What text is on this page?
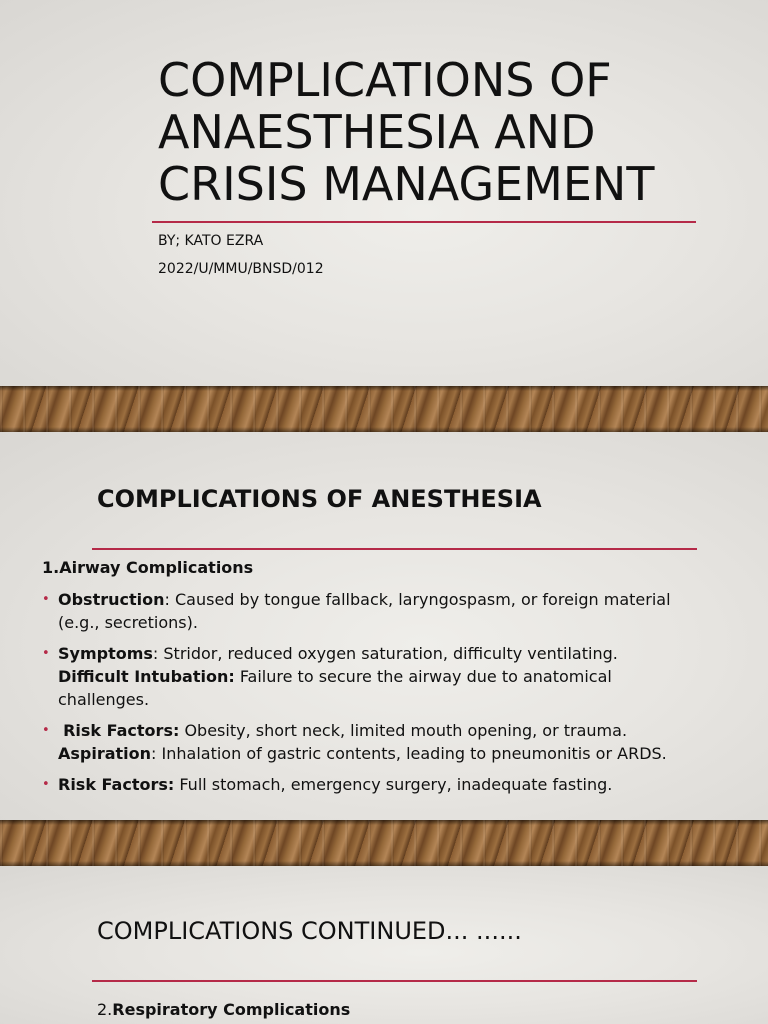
COMPLICATIONS OF ANAESTHESIA AND CRISIS MANAGEMENT

BY; KATO EZRA

2022/U/MMU/BNSD/012

COMPLICATIONS OF ANESTHESIA

1.Airway Complications

• Obstruction: Caused by tongue fallback, laryngospasm, or foreign material (e.g., secretions).
• Symptoms: Stridor, reduced oxygen saturation, difficulty ventilating.
Difficult Intubation: Failure to secure the airway due to anatomical challenges.
• Risk Factors: Obesity, short neck, limited mouth opening, or trauma.
Aspiration: Inhalation of gastric contents, leading to pneumonitis or ARDS.
• Risk Factors: Full stomach, emergency surgery, inadequate fasting.
COMPLICATIONS CONTINUED... ......

2.Respiratory Complications
